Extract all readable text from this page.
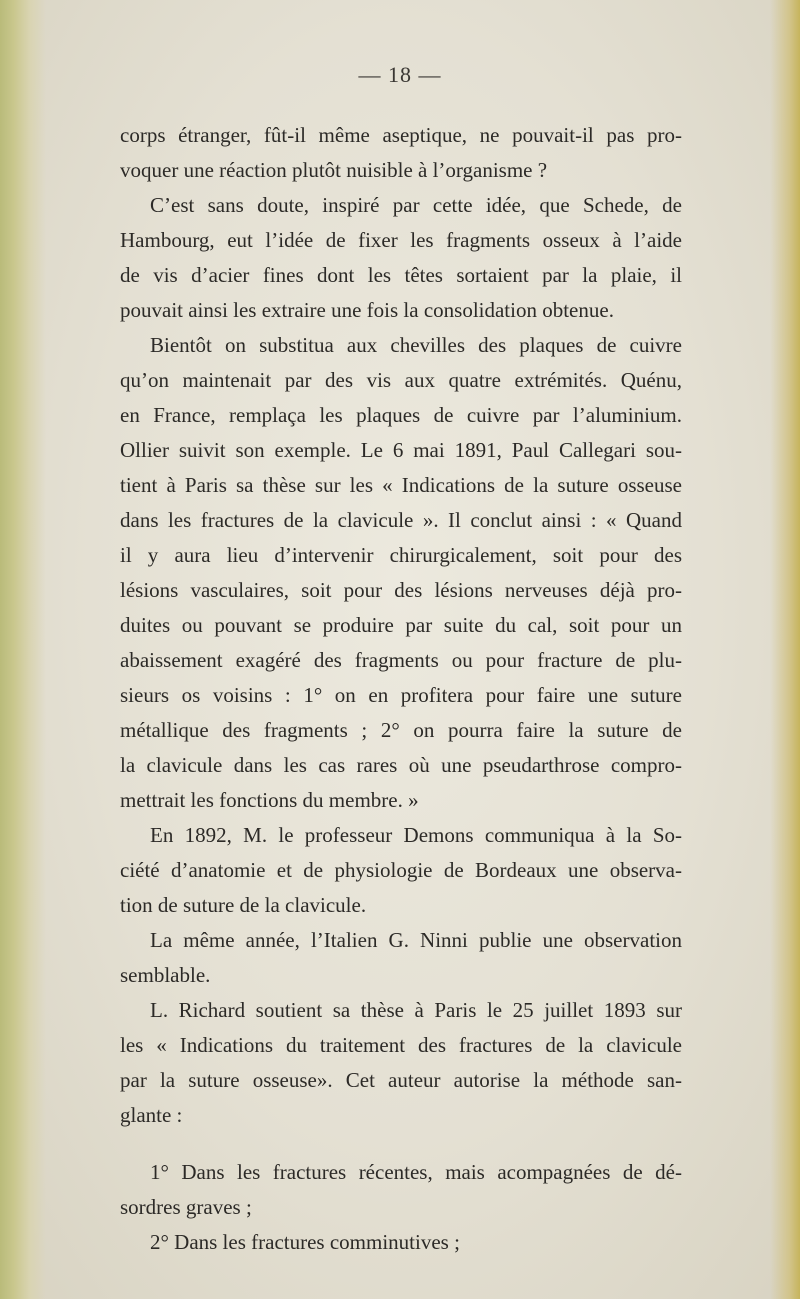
— 18 —
corps étranger, fût-il même aseptique, ne pouvait-il pas pro-
voquer une réaction plutôt nuisible à l’organisme ?
C’est sans doute, inspiré par cette idée, que Schede, de
Hambourg, eut l’idée de fixer les fragments osseux à l’aide
de vis d’acier fines dont les têtes sortaient par la plaie, il
pouvait ainsi les extraire une fois la consolidation obtenue.
Bientôt on substitua aux chevilles des plaques de cuivre
qu’on maintenait par des vis aux quatre extrémités. Quénu,
en France, remplaça les plaques de cuivre par l’aluminium.
Ollier suivit son exemple. Le 6 mai 1891, Paul Callegari sou-
tient à Paris sa thèse sur les « Indications de la suture osseuse
dans les fractures de la clavicule ». Il conclut ainsi : « Quand
il y aura lieu d’intervenir chirurgicalement, soit pour des
lésions vasculaires, soit pour des lésions nerveuses déjà pro-
duites ou pouvant se produire par suite du cal, soit pour un
abaissement exagéré des fragments ou pour fracture de plu-
sieurs os voisins : 1° on en profitera pour faire une suture
métallique des fragments ; 2° on pourra faire la suture de
la clavicule dans les cas rares où une pseudarthrose compro-
mettrait les fonctions du membre. »
En 1892, M. le professeur Demons communiqua à la So-
ciété d’anatomie et de physiologie de Bordeaux une observa-
tion de suture de la clavicule.
La même année, l’Italien G. Ninni publie une observation
semblable.
L. Richard soutient sa thèse à Paris le 25 juillet 1893 sur
les « Indications du traitement des fractures de la clavicule
par la suture osseuse». Cet auteur autorise la méthode san-
glante :
1° Dans les fractures récentes, mais acompagnées de dé-
sordres graves ;
2° Dans les fractures comminutives ;
